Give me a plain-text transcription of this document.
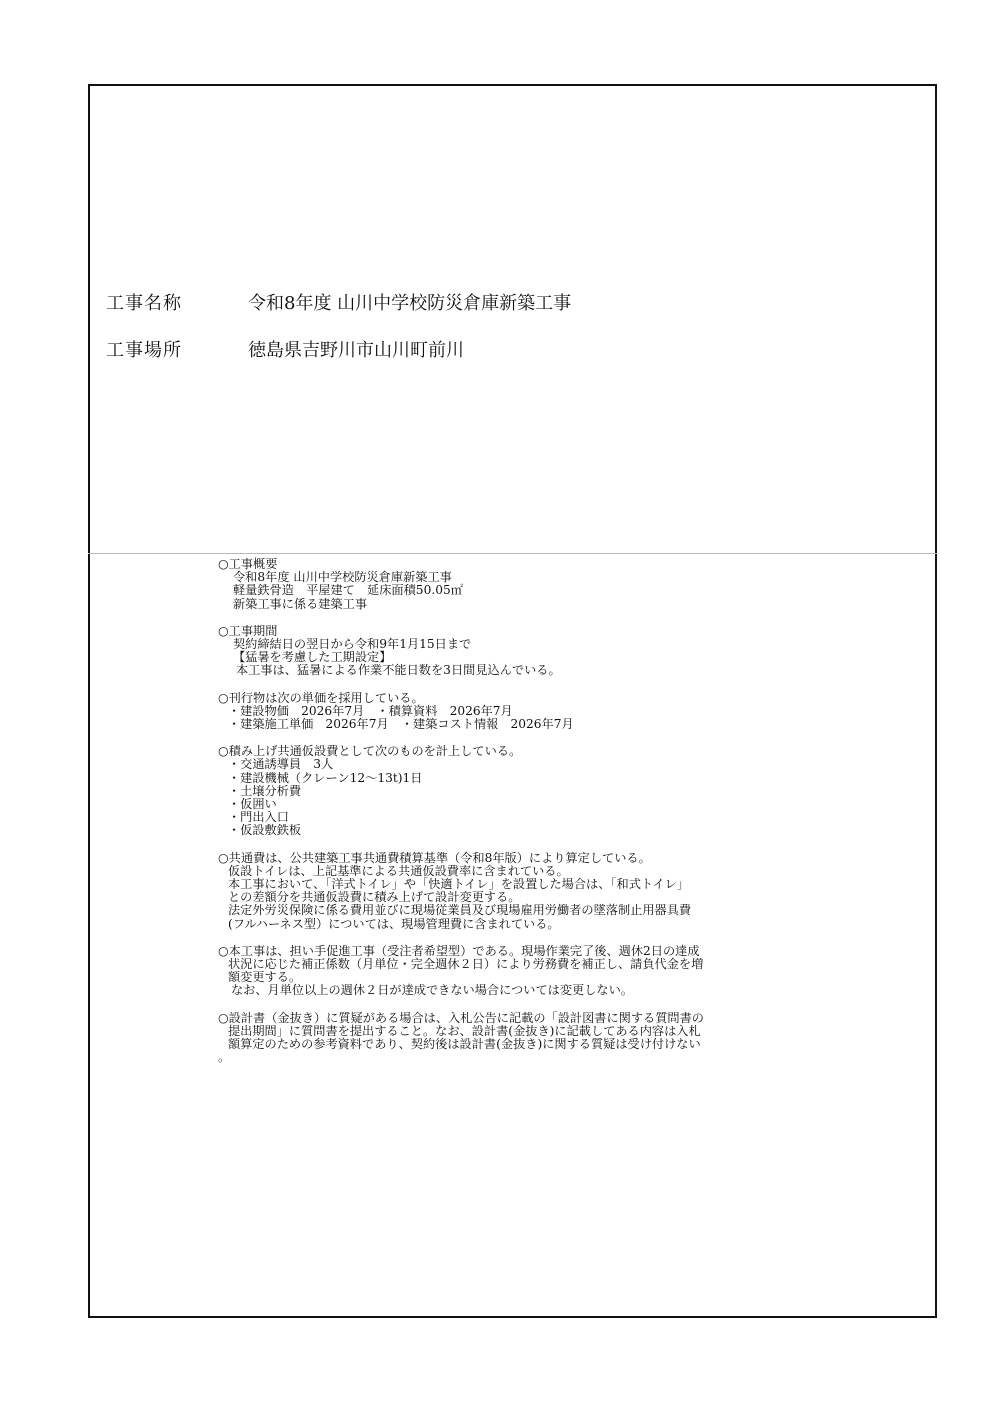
工事名称	令和8年度 山川中学校防災倉庫新築工事
工事場所	徳島県吉野川市山川町前川
○工事概要
令和8年度 山川中学校防災倉庫新築工事
軽量鉄骨造　平屋建て　延床面積50.05㎡
新築工事に係る建築工事
○工事期間
契約締結日の翌日から令和9年1月15日まで
【猛暑を考慮した工期設定】
本工事は、猛暑による作業不能日数を3日間見込んでいる。
○刊行物は次の単価を採用している。
・建設物価　2026年7月　・積算資料　2026年7月
・建築施工単価　2026年7月　・建築コスト情報　2026年7月
○積み上げ共通仮設費として次のものを計上している。
・交通誘導員　3人
・建設機械（クレーン12～13t)1日
・土壌分析費
・仮囲い
・門出入口
・仮設敷鉄板
○共通費は、公共建築工事共通費積算基準（令和8年版）により算定している。
仮設トイレは、上記基準による共通仮設費率に含まれている。
本工事において、「洋式トイレ」や「快適トイレ」を設置した場合は、「和式トイレ」
との差額分を共通仮設費に積み上げて設計変更する。
法定外労災保険に係る費用並びに現場従業員及び現場雇用労働者の墜落制止用器具費
(フルハーネス型）については、現場管理費に含まれている。
○本工事は、担い手促進工事（受注者希望型）である。現場作業完了後、週休2日の達成
状況に応じた補正係数（月単位・完全週休２日）により労務費を補正し、請負代金を増
額変更する。
なお、月単位以上の週休２日が達成できない場合については変更しない。
○設計書（金抜き）に質疑がある場合は、入札公告に記載の「設計図書に関する質問書の
提出期間」に質問書を提出すること。なお、設計書(金抜き)に記載してある内容は入札
額算定のための参考資料であり、契約後は設計書(金抜き)に関する質疑は受け付けない
。
